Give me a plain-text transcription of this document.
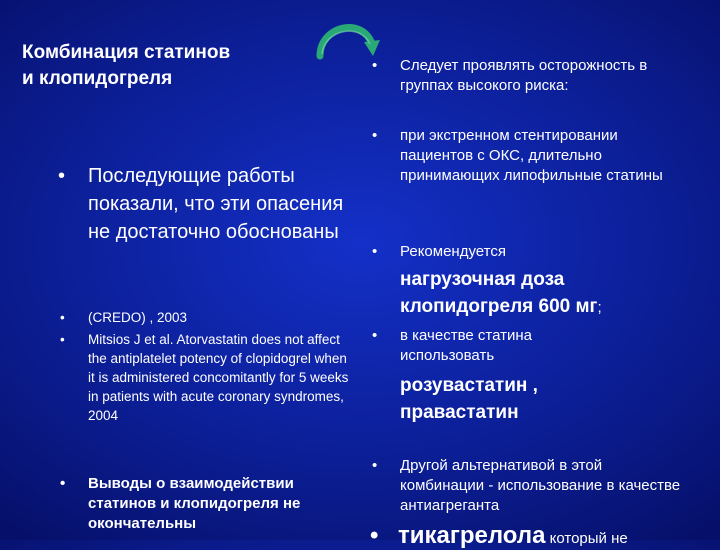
Комбинация статинов
и клопидогреля
•	Последующие работы показали, что эти опасения не достаточно обоснованы
•	(CREDO) , 2003
•	Mitsios J et al. Atorvastatin does not affect the antiplatelet potency of clopidogrel when it is administered concomitantly for 5 weeks in patients with acute coronary syndromes, 2004
•	Выводы о взаимодействии статинов и клопидогреля не окончательны
•	Следует проявлять осторожность в группах высокого риска:
•	при экстренном стентировании пациентов с ОКС, длительно принимающих липофильные статины
•	Рекомендуется
нагрузочная доза клопидогреля 600 мг;
•	в качестве статина использовать
розувастатин , правастатин
•	Другой альтернативой в этой комбинации - использование в качестве антиагреганта
• тикагрелола который не
